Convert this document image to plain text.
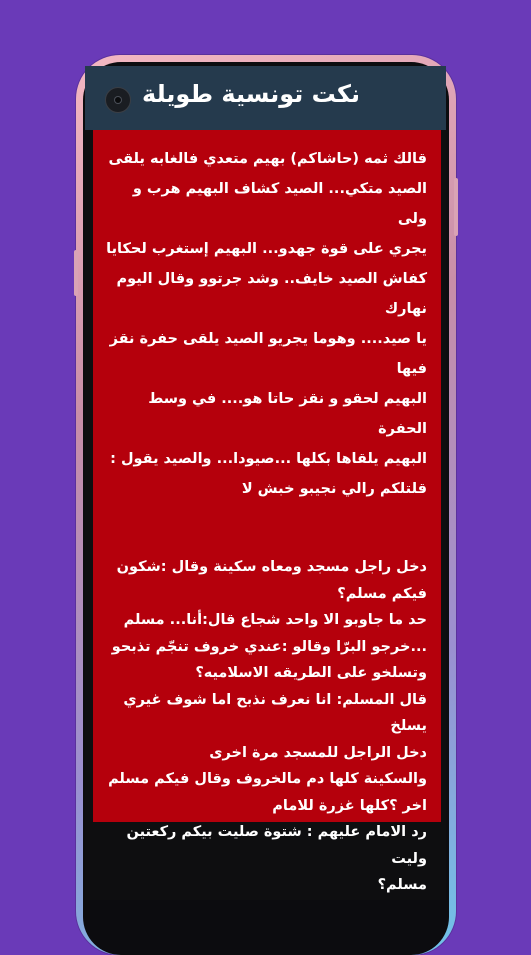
نكت تونسية طويلة
قالك ثمه (حاشاكم) بهيم متعدي فالغابه يلقى
الصيد متكي... الصيد كشاف البهيم هرب و ولى
يجري على قوة جهدو... البهيم إستغرب لحكايا
كفاش الصيد خايف.. وشد جرتوو وقال اليوم نهارك
يا صيد.... وهوما يجريو الصيد يلقى حفرة نقز فيها
البهيم لحقو و نقز حاتا هو.... في وسط الحفرة
البهيم يلقاها بكلها ...صيودا... والصيد يقول :
قلتلكم رالي نجيبو خبش لا
دخل راجل مسجد ومعاه سكينة وقال :شكون
فيكم مسلم؟
حد ما جاوبو الا واحد شجاع قال:أنا... مسلم
...خرجو البرّا وقالو :عندي خروف تنجّم تذبحو
وتسلخو على الطريقه الاسلاميه؟
قال المسلم: انا نعرف نذبح اما شوف غيري يسلخ
دخل الراجل للمسجد مرة اخرى
والسكينة كلها دم مالخروف وقال فيكم مسلم
اخر ؟كلها غزرة للامام
رد الامام عليهم : شتوة صليت بيكم ركعتين وليت
مسلم؟
